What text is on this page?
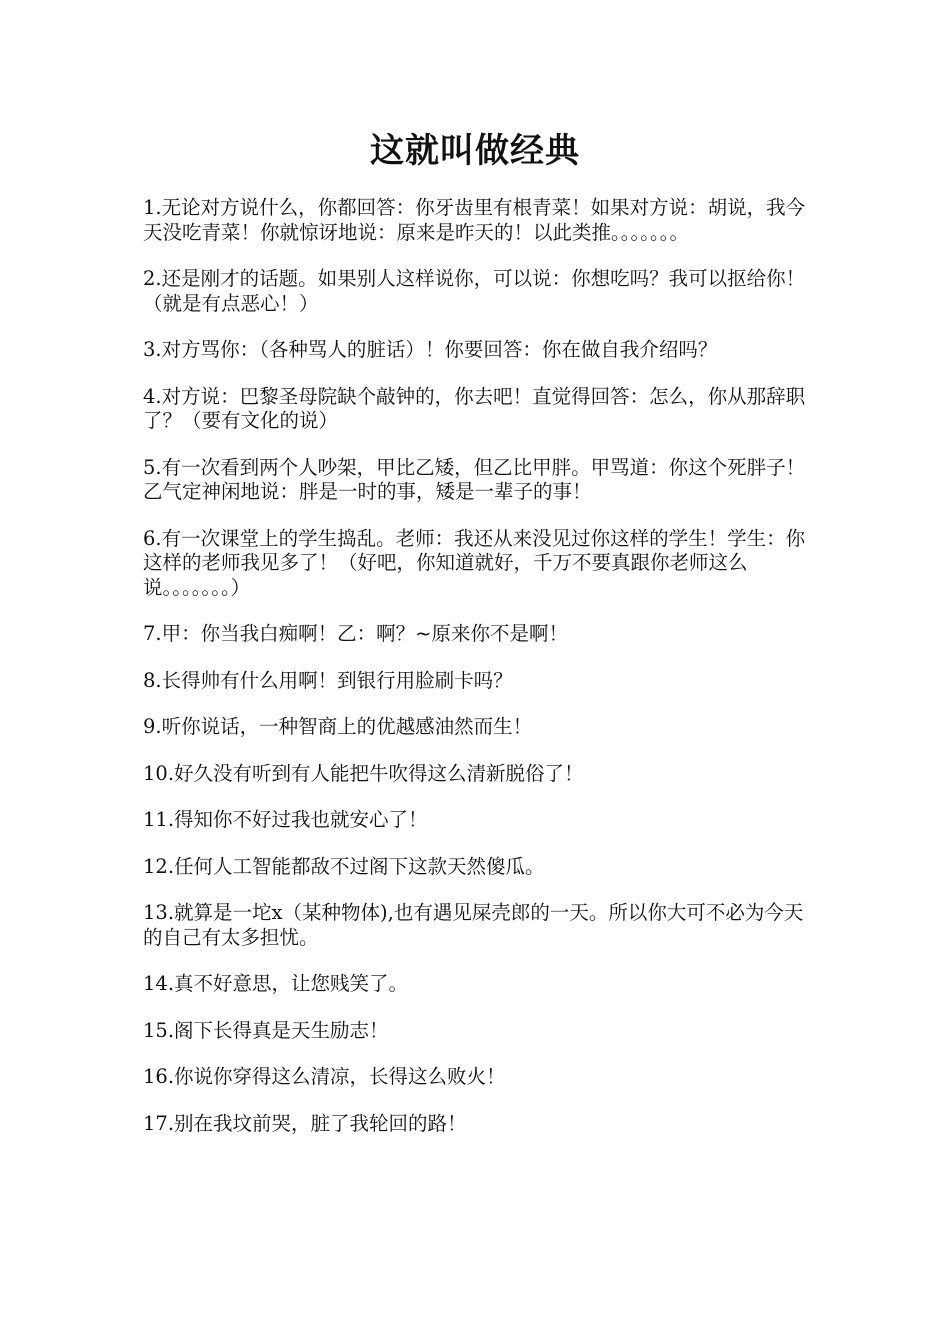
这就叫做经典
1.无论对方说什么，你都回答：你牙齿里有根青菜！如果对方说：胡说，我今天没吃青菜！你就惊讶地说：原来是昨天的！以此类推。。。。。。。
2.还是刚才的话题。如果别人这样说你，可以说：你想吃吗？我可以抠给你！（就是有点恶心！）
3.对方骂你：（各种骂人的脏话）！你要回答：你在做自我介绍吗？
4.对方说：巴黎圣母院缺个敲钟的，你去吧！直觉得回答：怎么，你从那辞职了？（要有文化的说）
5.有一次看到两个人吵架，甲比乙矮，但乙比甲胖。甲骂道：你这个死胖子！乙气定神闲地说：胖是一时的事，矮是一辈子的事！
6.有一次课堂上的学生捣乱。老师：我还从来没见过你这样的学生！学生：你这样的老师我见多了！（好吧，你知道就好，千万不要真跟你老师这么说。。。。。。。）
7.甲：你当我白痴啊！乙：啊？~原来你不是啊！
8.长得帅有什么用啊！到银行用脸刷卡吗？
9.听你说话，一种智商上的优越感油然而生！
10.好久没有听到有人能把牛吹得这么清新脱俗了！
11.得知你不好过我也就安心了！
12.任何人工智能都敌不过阁下这款天然傻瓜。
13.就算是一坨x（某种物体),也有遇见屎壳郎的一天。所以你大可不必为今天的自己有太多担忧。
14.真不好意思，让您贱笑了。
15.阁下长得真是天生励志！
16.你说你穿得这么清凉，长得这么败火！
17.别在我坟前哭，脏了我轮回的路！
